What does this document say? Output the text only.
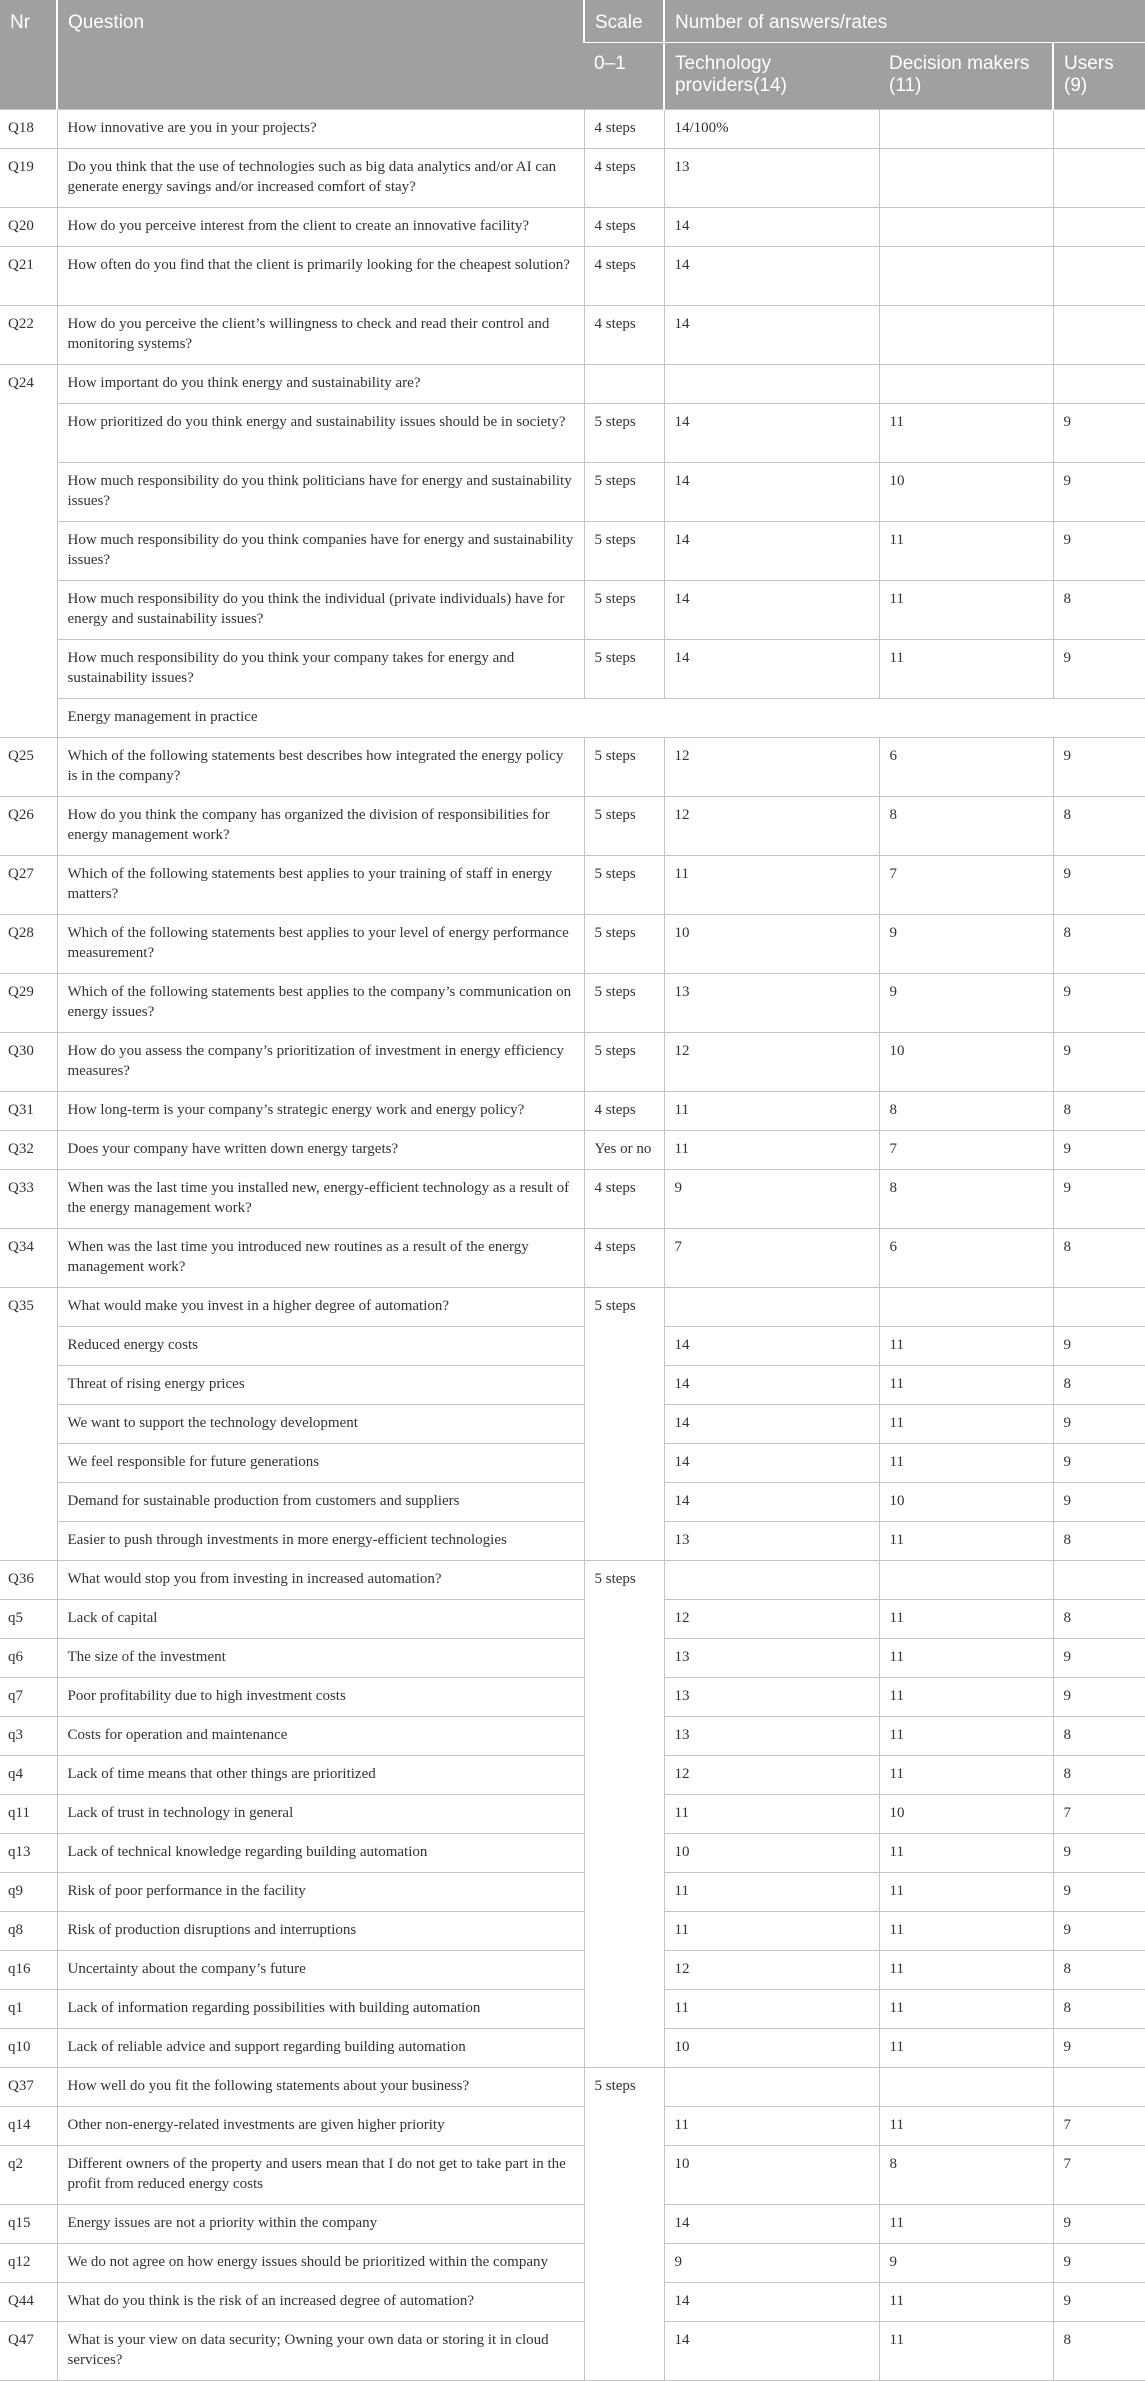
Nr	Question	Scale	Number of answers/rates		
		0–1	Technology providers(14)	Decision makers (11)	Users (9)
Q18	How innovative are you in your projects?	4 steps	14/100%		
Q19	Do you think that the use of technologies such as big data analytics and/or AI can generate energy savings and/or increased comfort of stay?	4 steps	13		
Q20	How do you perceive interest from the client to create an innovative facility?	4 steps	14		
Q21	How often do you find that the client is primarily looking for the cheapest solution?	4 steps	14		
Q22	How do you perceive the client’s willingness to check and read their control and monitoring systems?	4 steps	14		
Q24	How important do you think energy and sustainability are?				
	How prioritized do you think energy and sustainability issues should be in society?	5 steps	14	11	9
	How much responsibility do you think politicians have for energy and sustainability issues?	5 steps	14	10	9
	How much responsibility do you think companies have for energy and sustainability issues?	5 steps	14	11	9
	How much responsibility do you think the individual (private individuals) have for energy and sustainability issues?	5 steps	14	11	8
	How much responsibility do you think your company takes for energy and sustainability issues?	5 steps	14	11	9
	Energy management in practice				
Q25	Which of the following statements best describes how integrated the energy policy is in the company?	5 steps	12	6	9
Q26	How do you think the company has organized the division of responsibilities for energy management work?	5 steps	12	8	8
Q27	Which of the following statements best applies to your training of staff in energy matters?	5 steps	11	7	9
Q28	Which of the following statements best applies to your level of energy performance measurement?	5 steps	10	9	8
Q29	Which of the following statements best applies to the company’s communication on energy issues?	5 steps	13	9	9
Q30	How do you assess the company’s prioritization of investment in energy efficiency measures?	5 steps	12	10	9
Q31	How long-term is your company’s strategic energy work and energy policy?	4 steps	11	8	8
Q32	Does your company have written down energy targets?	Yes or no	11	7	9
Q33	When was the last time you installed new, energy-efficient technology as a result of the energy management work?	4 steps	9	8	9
Q34	When was the last time you introduced new routines as a result of the energy management work?	4 steps	7	6	8
Q35	What would make you invest in a higher degree of automation?	5 steps			
	Reduced energy costs		14	11	9
	Threat of rising energy prices		14	11	8
	We want to support the technology development		14	11	9
	We feel responsible for future generations		14	11	9
	Demand for sustainable production from customers and suppliers		14	10	9
	Easier to push through investments in more energy-efficient technologies		13	11	8
Q36	What would stop you from investing in increased automation?	5 steps			
q5	Lack of capital		12	11	8
q6	The size of the investment		13	11	9
q7	Poor profitability due to high investment costs		13	11	9
q3	Costs for operation and maintenance		13	11	8
q4	Lack of time means that other things are prioritized		12	11	8
q11	Lack of trust in technology in general		11	10	7
q13	Lack of technical knowledge regarding building automation		10	11	9
q9	Risk of poor performance in the facility		11	11	9
q8	Risk of production disruptions and interruptions		11	11	9
q16	Uncertainty about the company’s future		12	11	8
q1	Lack of information regarding possibilities with building automation		11	11	8
q10	Lack of reliable advice and support regarding building automation		10	11	9
Q37	How well do you fit the following statements about your business?	5 steps			
q14	Other non-energy-related investments are given higher priority		11	11	7
q2	Different owners of the property and users mean that I do not get to take part in the profit from reduced energy costs		10	8	7
q15	Energy issues are not a priority within the company		14	11	9
q12	We do not agree on how energy issues should be prioritized within the company		9	9	9
Q44	What do you think is the risk of an increased degree of automation?		14	11	9
Q47	What is your view on data security; Owning your own data or storing it in cloud services?		14	11	8
